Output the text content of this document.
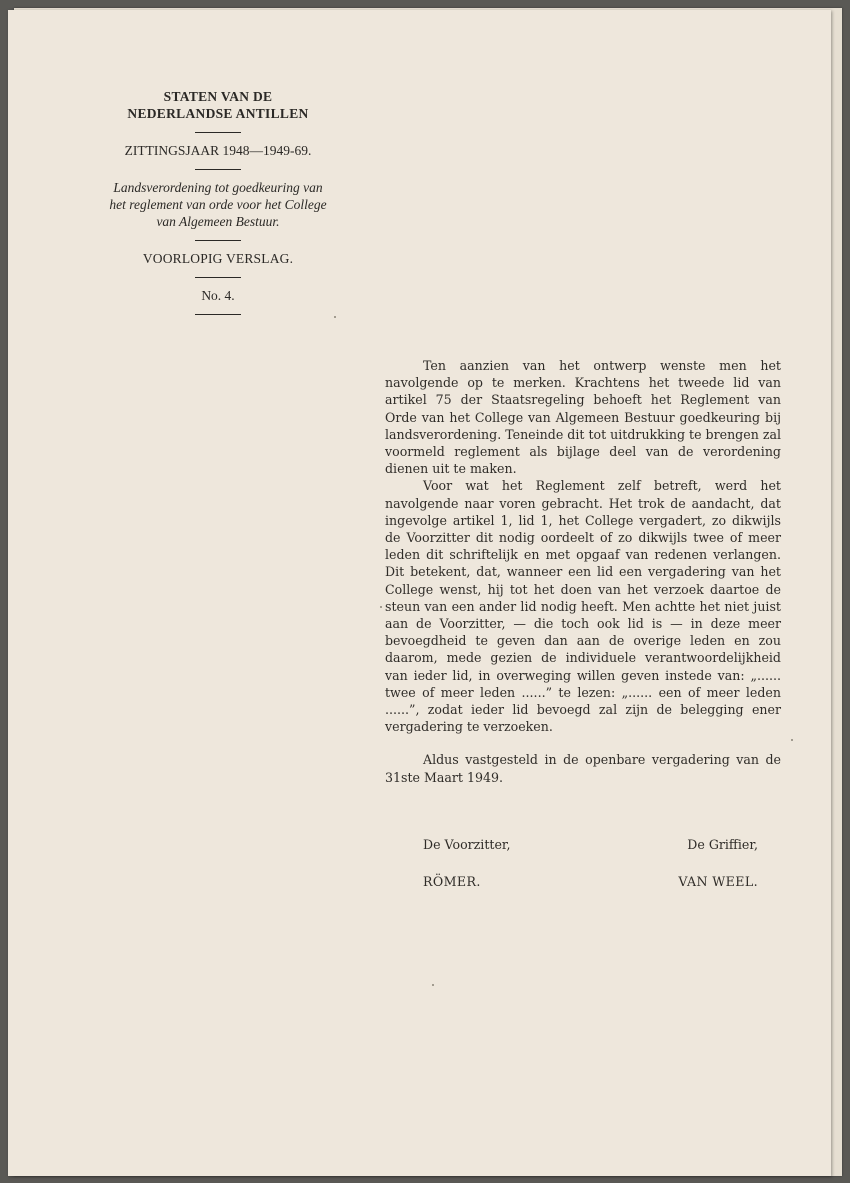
STATEN VAN DE

NEDERLANDSE ANTILLEN

ZITTINGSJAAR 1948—1949-69.

Landsverordening tot goedkeuring van
het reglement van orde voor het College
van Algemeen Bestuur.

VOORLOPIG VERSLAG.

No. 4.

Ten aanzien van het ontwerp wenste men het navolgende op te merken. Krachtens het tweede lid van artikel 75 der Staatsregeling behoeft het Reglement van Orde van het College van Algemeen Bestuur goedkeuring bij landsverordening. Teneinde dit tot uitdrukking te brengen zal voormeld reglement als bijlage deel van de verordening dienen uit te maken.

Voor wat het Reglement zelf betreft, werd het navolgende naar voren gebracht. Het trok de aandacht, dat ingevolge artikel 1, lid 1, het College vergadert, zo dikwijls de Voorzitter dit nodig oordeelt of zo dikwijls twee of meer leden dit schriftelijk en met opgaaf van redenen verlangen. Dit betekent, dat, wanneer een lid een vergadering van het College wenst, hij tot het doen van het verzoek daartoe de steun van een ander lid nodig heeft. Men achtte het niet juist aan de Voorzitter, — die toch ook lid is — in deze meer bevoegdheid te geven dan aan de overige leden en zou daarom, mede gezien de individuele verantwoordelijkheid van ieder lid, in overweging willen geven instede van: „...... twee of meer leden ......” te lezen: „...... een of meer leden ......”, zodat ieder lid bevoegd zal zijn de belegging ener vergadering te verzoeken.

Aldus vastgesteld in de openbare vergadering van de 31ste Maart 1949.

De Voorzitter,	De Griffier,
RÖMER.	VAN WEEL.
